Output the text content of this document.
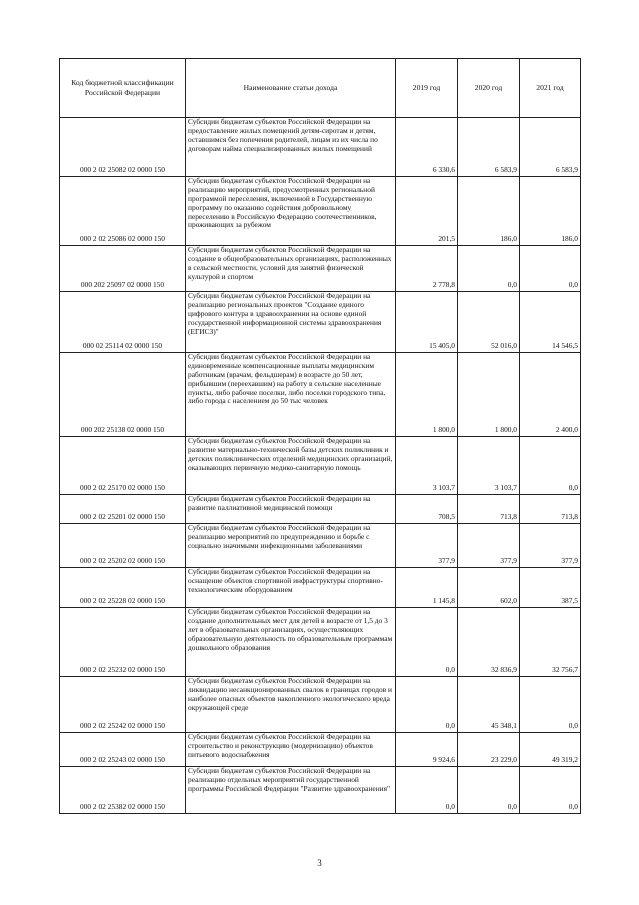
Код бюджетной классификации Российской Федерации	Наименование статьи дохода	2019 год	2020 год	2021 год
000 2 02 25082 02 0000 150	Субсидии бюджетам субъектов Российской Федерации на предоставление жилых помещений детям-сиротам и детям, оставшимся без попечения родителей, лицам из их числа по договорам найма специализированных жилых помещений	6 330,6	6 583,9	6 583,9
000 2 02 25086 02 0000 150	Субсидии бюджетам субъектов Российской Федерации на реализацию мероприятий, предусмотренных региональной программой переселения, включенной в Государственную программу по оказанию содействия добровольному переселению в Российскую Федерацию соотечественников, проживающих за рубежом	201,5	186,0	186,0
000 202 25097 02 0000 150	Субсидии бюджетам субъектов Российской Федерации на создание в общеобразовательных организациях, расположенных в сельской местности, условий для занятий физической культурой и спортом	2 778,8	0,0	0,0
000 02 25114 02 0000 150	Субсидии бюджетам субъектов Российской Федерации на реализацию региональных проектов "Создание единого цифрового контура в здравоохранении на основе единой государственной информационной системы здравоохранения (ЕГИСЗ)"	15 405,0	52 016,0	14 546,5
000 202 25138 02 0000 150	Субсидии бюджетам субъектов Российской Федерации на единовременные компенсационные выплаты медицинским работникам (врачам, фельдшерам) в возрасте до 50 лет, прибывшим (переехавшим) на работу в сельские населенные пункты, либо рабочие поселки, либо поселки городского типа, либо города с населением до 50 тыс человек	1 800,0	1 800,0	2 400,0
000 2 02 25170 02 0000 150	Субсидии бюджетам субъектов Российской Федерации на развитие материально-технической базы детских поликлиник и детских поликлинических отделений медицинских организаций, оказывающих первичную медико-санитарную помощь	3 103,7	3 103,7	0,0
000 2 02 25201 02 0000 150	Субсидии бюджетам субъектов Российской Федерации на развитие паллиативной медицинской помощи	708,5	713,8	713,8
000 2 02 25202 02 0000 150	Субсидии бюджетам субъектов Российской Федерации на реализацию мероприятий по предупреждению и борьбе с социально значимыми инфекционными заболеваниями	377,9	377,9	377,9
000 2 02 25228 02 0000 150	Субсидии бюджетам субъектов Российской Федерации на оснащение объектов спортивной инфраструктуры спортивно-технологическим оборудованием	1 145,8	602,0	387,5
000 2 02 25232 02 0000 150	Субсидии бюджетам субъектов Российской Федерации на создание дополнительных мест для детей в возрасте от 1,5 до 3 лет в образовательных организациях, осуществляющих образовательную деятельность по образовательным программам дошкольного образования	0,0	32 836,9	32 756,7
000 2 02 25242 02 0000 150	Субсидии бюджетам субъектов Российской Федерации на ликвидацию несанкционированных свалок в границах городов и наиболее опасных объектов накопленного экологического вреда окружающей среде	0,0	45 348,1	0,0
000 2 02 25243 02 0000 150	Субсидии бюджетам субъектов Российской Федерации на строительство и реконструкцию (модернизацию) объектов питьевого водоснабжения	9 924,6	23 229,0	49 319,2
000 2 02 25382 02 0000 150	Субсидии бюджетам субъектов Российской Федерации на реализацию отдельных мероприятий государственной программы Российской Федерации "Развитие здравоохранения"	0,0	0,0	0,0
3
